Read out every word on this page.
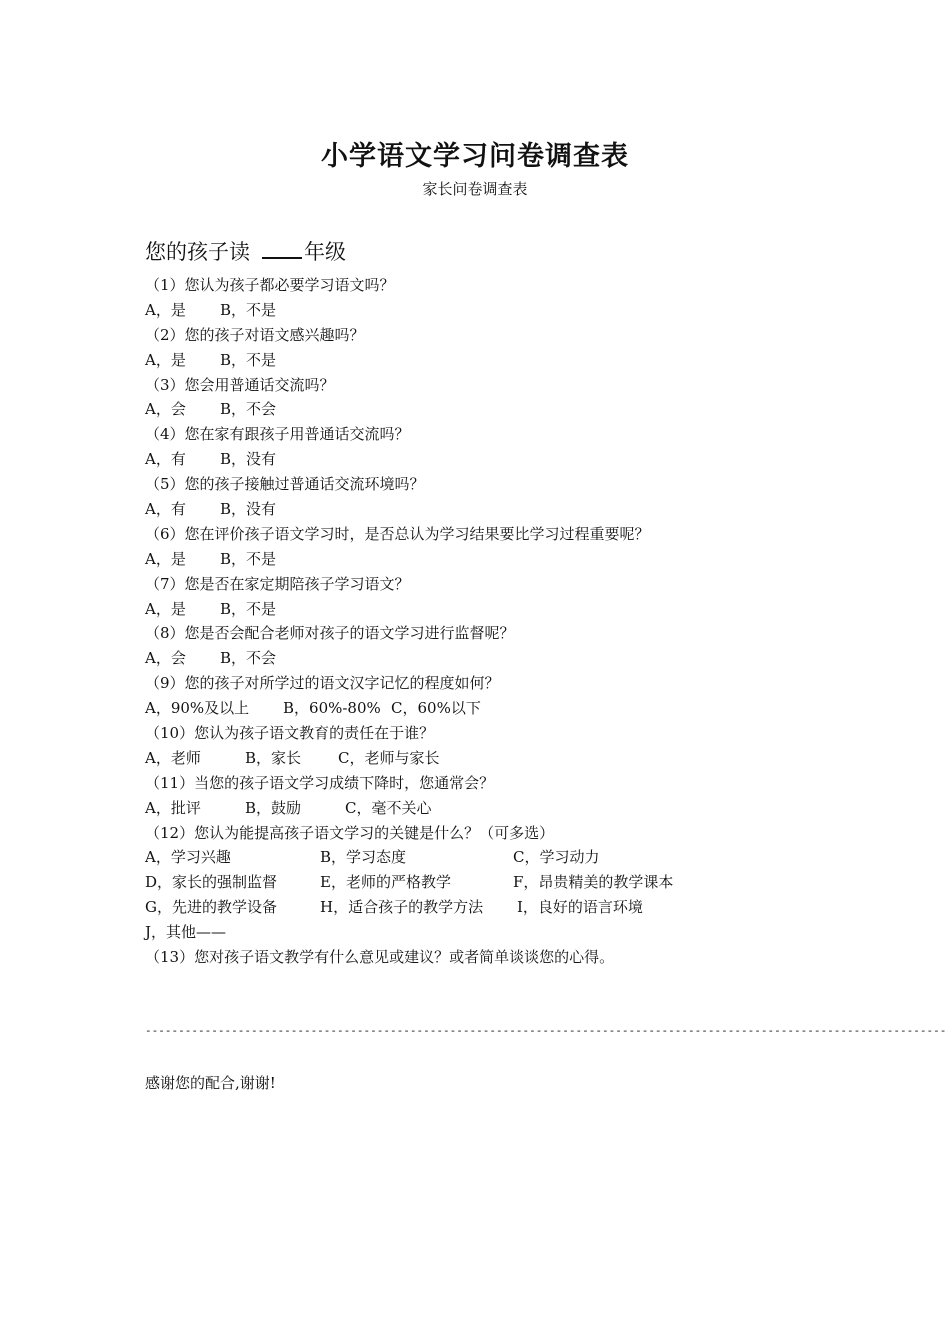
小学语文学习问卷调查表
家长问卷调查表
您的孩子读	年级
（1）您认为孩子都必要学习语文吗？
A，是 B，不是
（2）您的孩子对语文感兴趣吗？
A，是 B，不是
（3）您会用普通话交流吗？
A，会 B，不会
（4）您在家有跟孩子用普通话交流吗？
A，有 B，没有
（5）您的孩子接触过普通话交流环境吗？
A，有 B，没有
（6）您在评价孩子语文学习时，是否总认为学习结果要比学习过程重要呢？
A，是 B，不是
（7）您是否在家定期陪孩子学习语文？
A，是 B，不是
（8）您是否会配合老师对孩子的语文学习进行监督呢？
A，会 B，不会
（9）您的孩子对所学过的语文汉字记忆的程度如何？
A，90%及以上 B，60%-80% C，60%以下
（10）您认为孩子语文教育的责任在于谁？
A，老师	B，家长 C，老师与家长
（11）当您的孩子语文学习成绩下降时，您通常会？
A，批评	B，鼓励	C，毫不关心
（12）您认为能提高孩子语文学习的关键是什么？（可多选）
A，学习兴趣	B，学习态度	C，学习动力
D，家长的强制监督	E，老师的严格教学	F，昂贵精美的教学课本
G，先进的教学设备	H，适合孩子的教学方法 I，良好的语言环境
J，其他——
（13）您对孩子语文教学有什么意见或建议？或者简单谈谈您的心得。
-------------------------------------------------------------------------------------------------------------------------
感谢您的配合,谢谢!
